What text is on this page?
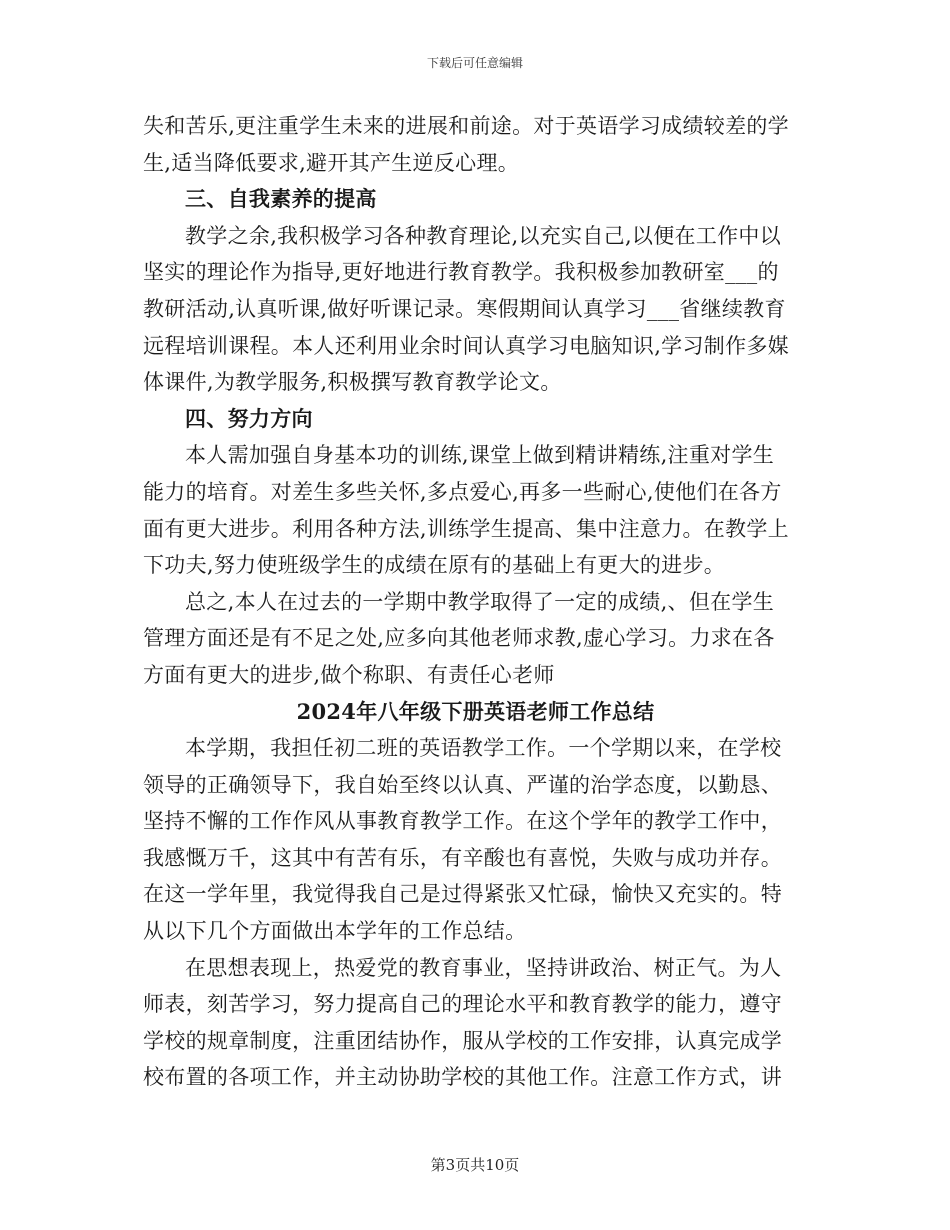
下载后可任意编辑
失和苦乐,更注重学生未来的进展和前途。对于英语学习成绩较差的学
生,适当降低要求,避开其产生逆反心理。
三、自我素养的提高
教学之余,我积极学习各种教育理论,以充实自己,以便在工作中以
坚实的理论作为指导,更好地进行教育教学。我积极参加教研室___的
教研活动,认真听课,做好听课记录。寒假期间认真学习___省继续教育
远程培训课程。本人还利用业余时间认真学习电脑知识,学习制作多媒
体课件,为教学服务,积极撰写教育教学论文。
四、努力方向
本人需加强自身基本功的训练,课堂上做到精讲精练,注重对学生
能力的培育。对差生多些关怀,多点爱心,再多一些耐心,使他们在各方
面有更大进步。利用各种方法,训练学生提高、集中注意力。在教学上
下功夫,努力使班级学生的成绩在原有的基础上有更大的进步。
总之,本人在过去的一学期中教学取得了一定的成绩,、但在学生
管理方面还是有不足之处,应多向其他老师求教,虚心学习。力求在各
方面有更大的进步,做个称职、有责任心老师
2024年八年级下册英语老师工作总结
本学期，我担任初二班的英语教学工作。一个学期以来，在学校
领导的正确领导下，我自始至终以认真、严谨的治学态度，以勤恳、
坚持不懈的工作作风从事教育教学工作。在这个学年的教学工作中，
我感慨万千，这其中有苦有乐，有辛酸也有喜悦，失败与成功并存。
在这一学年里，我觉得我自己是过得紧张又忙碌，愉快又充实的。特
从以下几个方面做出本学年的工作总结。
在思想表现上，热爱党的教育事业，坚持讲政治、树正气。为人
师表，刻苦学习，努力提高自己的理论水平和教育教学的能力，遵守
学校的规章制度，注重团结协作，服从学校的工作安排，认真完成学
校布置的各项工作，并主动协助学校的其他工作。注意工作方式，讲
第3页共10页
